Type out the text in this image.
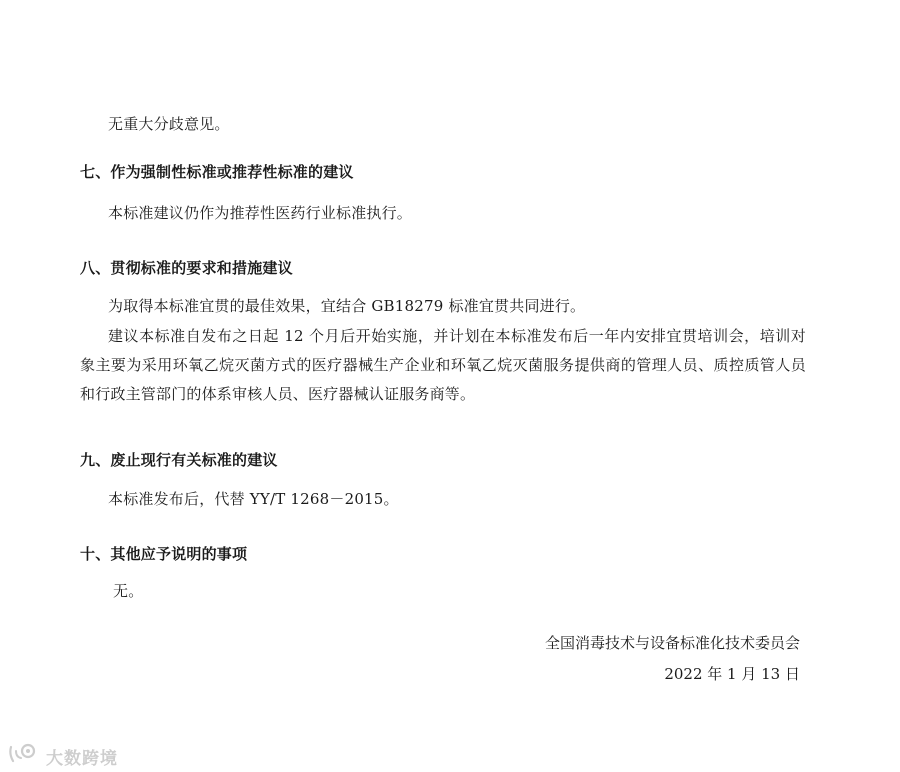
无重大分歧意见。
七、作为强制性标准或推荐性标准的建议
本标准建议仍作为推荐性医药行业标准执行。
八、贯彻标准的要求和措施建议
为取得本标准宜贯的最佳效果，宜结合 GB18279 标准宜贯共同进行。
建议本标准自发布之日起 12 个月后开始实施，并计划在本标准发布后一年内安排宜贯培训会，培训对象主要为采用环氧乙烷灭菌方式的医疗器械生产企业和环氧乙烷灭菌服务提供商的管理人员、质控质管人员和行政主管部门的体系审核人员、医疗器械认证服务商等。
九、废止现行有关标准的建议
本标准发布后，代替 YY/T 1268－2015。
十、其他应予说明的事项
无。
全国消毒技术与设备标准化技术委员会
2022 年 1 月 13 日
大数跨境
